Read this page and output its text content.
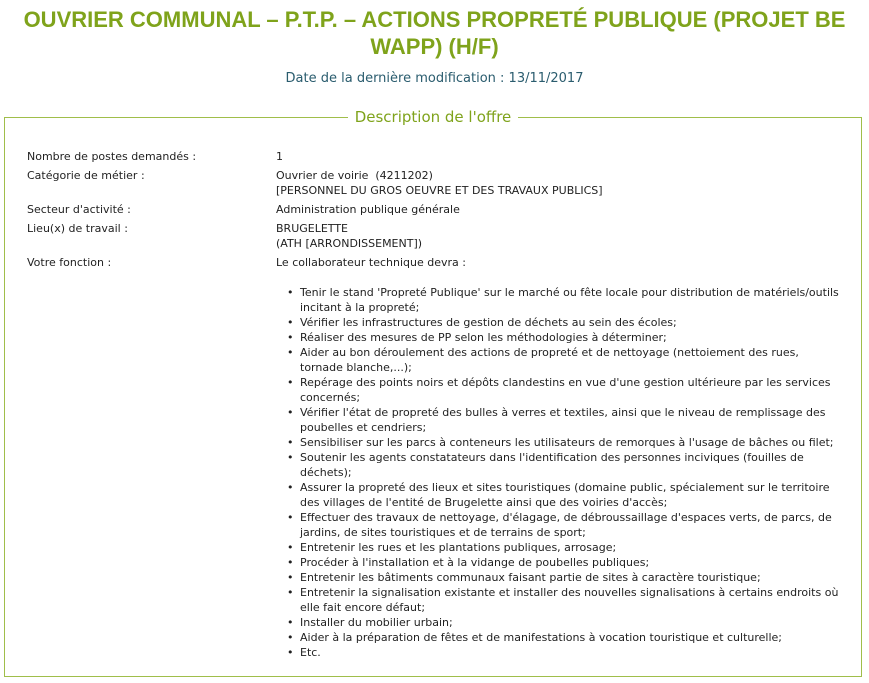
OUVRIER COMMUNAL – P.T.P. – ACTIONS PROPRETÉ PUBLIQUE (PROJET BE WAPP) (H/F)
Date de la dernière modification : 13/11/2017
Description de l'offre
Nombre de postes demandés :	1
Catégorie de métier :	Ouvrier de voirie  (4211202)
[PERSONNEL DU GROS OEUVRE ET DES TRAVAUX PUBLICS]
Secteur d'activité :	Administration publique générale
Lieu(x) de travail :	BRUGELETTE
(ATH [ARRONDISSEMENT])
Votre fonction :	Le collaborateur technique devra :
• Tenir le stand 'Propreté Publique' sur le marché ou fête locale pour distribution de matériels/outils incitant à la propreté;
• Vérifier les infrastructures de gestion de déchets au sein des écoles;
• Réaliser des mesures de PP selon les méthodologies à déterminer;
• Aider au bon déroulement des actions de propreté et de nettoyage (nettoiement des rues, tornade blanche,...);
• Repérage des points noirs et dépôts clandestins en vue d'une gestion ultérieure par les services concernés;
• Vérifier l'état de propreté des bulles à verres et textiles, ainsi que le niveau de remplissage des poubelles et cendriers;
• Sensibiliser sur les parcs à conteneurs les utilisateurs de remorques à l'usage de bâches ou filet;
• Soutenir les agents constatateurs dans l'identification des personnes inciviques (fouilles de déchets);
• Assurer la propreté des lieux et sites touristiques (domaine public, spécialement sur le territoire des villages de l'entité de Brugelette ainsi que des voiries d'accès;
• Effectuer des travaux de nettoyage, d'élagage, de débroussaillage d'espaces verts, de parcs, de jardins, de sites touristiques et de terrains de sport;
• Entretenir les rues et les plantations publiques, arrosage;
• Procéder à l'installation et à la vidange de poubelles publiques;
• Entretenir les bâtiments communaux faisant partie de sites à caractère touristique;
• Entretenir la signalisation existante et installer des nouvelles signalisations à certains endroits où elle fait encore défaut;
• Installer du mobilier urbain;
• Aider à la préparation de fêtes et de manifestations à vocation touristique et culturelle;
• Etc.
